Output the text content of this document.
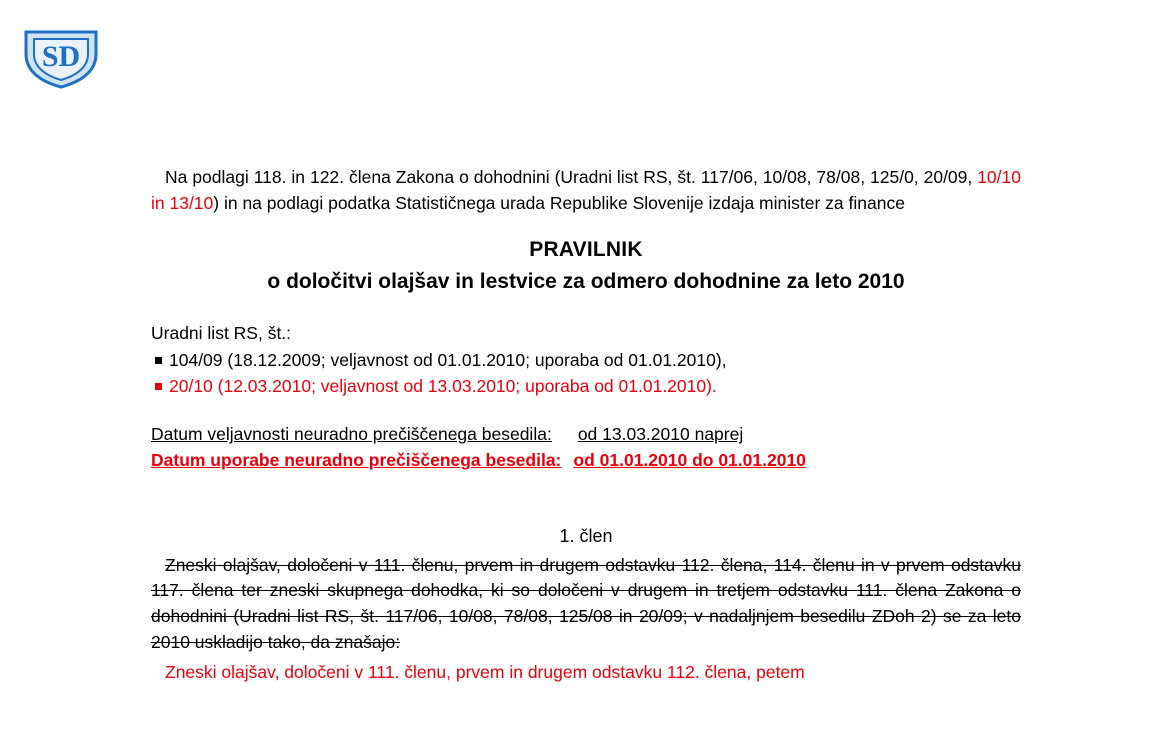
SD

Na podlagi 118. in 122. člena Zakona o dohodnini (Uradni list RS, št. 117/06, 10/08, 78/08, 125/0, 20/09, 10/10 in 13/10) in na podlagi podatka Statističnega urada Republike Slovenije izdaja minister za finance

PRAVILNIK
o določitvi olajšav in lestvice za odmero dohodnine za leto 2010
Uradni list RS, št.:
104/09 (18.12.2009; veljavnost od 01.01.2010; uporaba od 01.01.2010),
20/10 (12.03.2010; veljavnost od 13.03.2010; uporaba od 01.01.2010).
Datum veljavnosti neuradno prečiščenega besedila: od 13.03.2010 naprej
Datum uporabe neuradno prečiščenega besedila: od 01.01.2010 do 01.01.2010
1. člen

Zneski olajšav, določeni v 111. členu, prvem in drugem odstavku 112. člena, 114. členu in v prvem odstavku 117. člena ter zneski skupnega dohodka, ki so določeni v drugem in tretjem odstavku 111. člena Zakona o dohodnini (Uradni list RS, št. 117/06, 10/08, 78/08, 125/08 in 20/09; v nadaljnjem besedilu ZDoh 2) se za leto 2010 uskladijo tako, da znašajo:

Zneski olajšav, določeni v 111. členu, prvem in drugem odstavku 112. člena, petem
